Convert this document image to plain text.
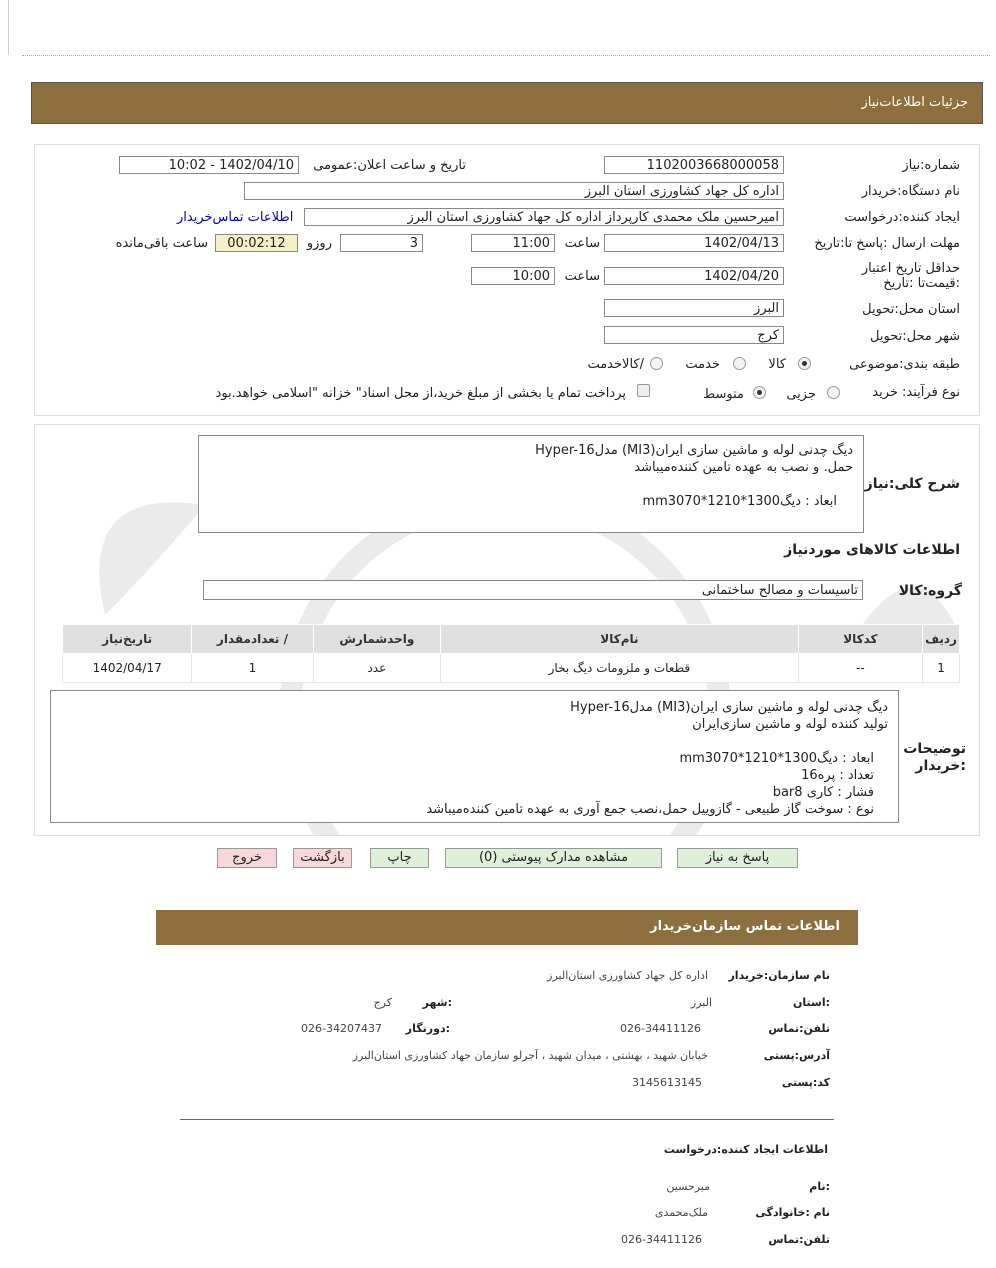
جزئیات اطلاعات‌نیاز
شماره:نیاز
1102003668000058
تاریخ و ساعت اعلان:عمومی
1402/04/10 - 10:02
نام دستگاه:خریدار
اداره کل جهاد کشاورزی استان البرز
ایجاد کننده:درخواست
امیرحسین ملک محمدی کارپرداز اداره کل جهاد کشاورزی استان البرز
اطلاعات تماس‌خریدار
مهلت ارسال :پاسخ تا:تاریخ
1402/04/13
ساعت
11:00
3
روزو
00:02:12
ساعت باقی‌مانده
حداقل تاریخ اعتبار :قیمت‌تا :تاریخ
1402/04/20
ساعت
10:00
استان محل:تحویل
البرز
شهر محل:تحویل
کرج
طبقه بندی:موضوعی
کالا
خدمت
/کالاخدمت
نوع فرآیند: خرید
جزیی
متوسط
پرداخت تمام یا بخشی از مبلغ خرید،از محل اسناد" خزانه "اسلامی خواهد.بود
شرح کلی:نیاز
دیگ چدنی لوله و ماشین سازی ایران(MI3) مدلHyper-16
حمل. و نصب به عهده تامین کننده‌میباشد
ابعاد : دیگ1300*1210*mm3070
اطلاعات کالاهای موردنیاز
گروه:کالا
تاسیسات و مصالح ساختمانی
ردیف	کدکالا	نام‌کالا	واحدشمارش	/ تعدادمقدار	تاریخ‌نیاز
1	--	قطعات و ملزومات دیگ بخار	عدد	1	1402/04/17
توضیحات :خریدار
دیگ چدنی لوله و ماشین سازی ایران(MI3) مدلHyper-16
تولید کننده لوله و ماشین سازی‌ایران
ابعاد : دیگ1300*1210*mm3070
تعداد : پره16
فشار : کاری bar8
نوع : سوخت گاز طبیعی - گازوییل حمل،نصب جمع آوری به عهده تامین کننده‌میباشد
پاسخ به نیاز
مشاهده مدارک پیوستی (0)
چاپ
بازگشت
خروج
اطلاعات تماس سازمان‌خریدار
نام سازمان:خریدار
اداره کل جهاد کشاورزی استان‌البرز
:استان
البرز
:شهر
کرج
تلفن:تماس
026-34411126
:دورنگار
026-34207437
آدرس:پستی
خیابان شهید ، بهشتی ، میدان شهید ، آجرلو سازمان جهاد کشاورزی استان‌البرز
کد:پستی
3145613145
اطلاعات ایجاد کننده:درخواست
:نام
میرحسین
نام :خانوادگی
ملک‌محمدی
تلفن:تماس
026-34411126
